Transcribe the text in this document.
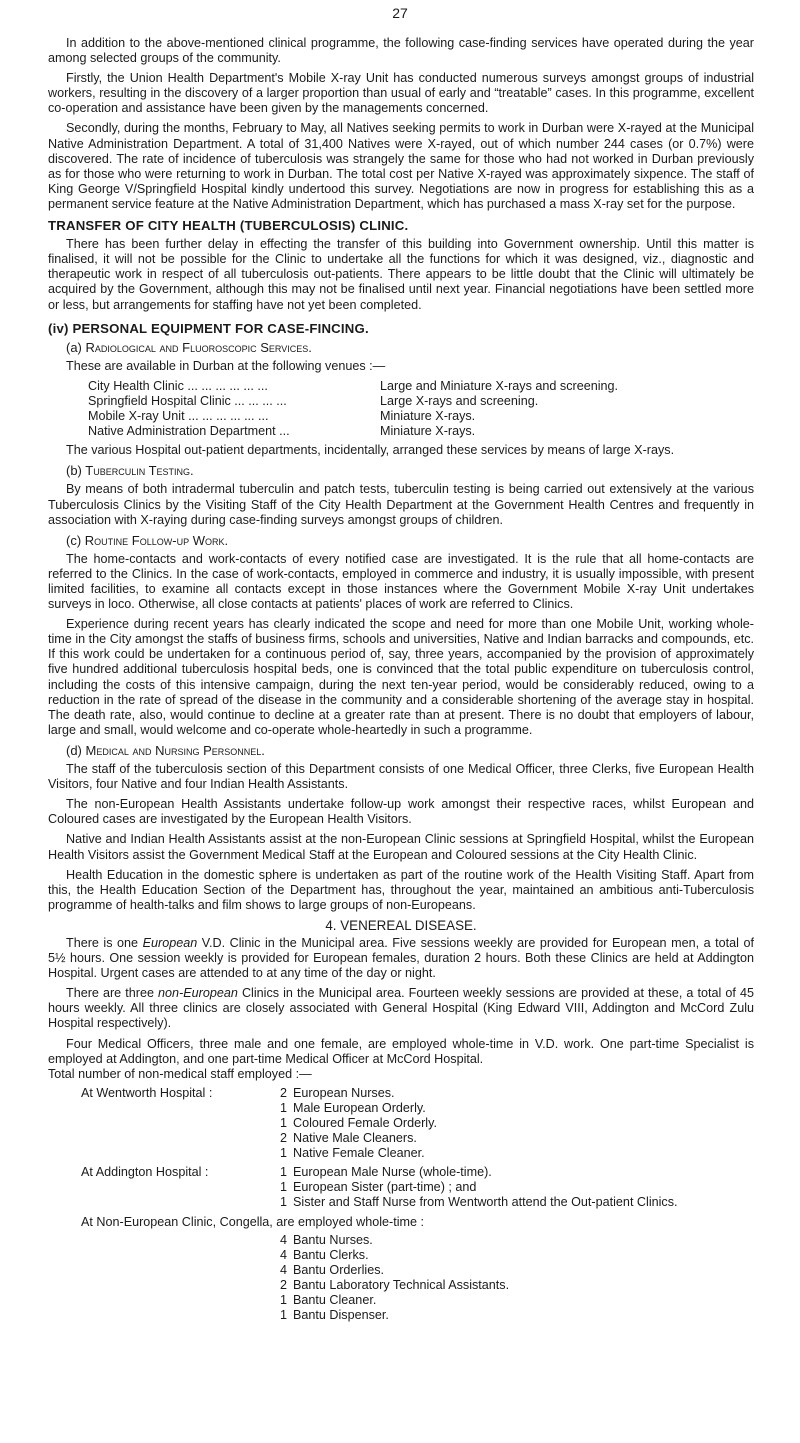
27

In addition to the above-mentioned clinical programme, the following case-finding services have operated during the year among selected groups of the community.

Firstly, the Union Health Department's Mobile X-ray Unit has conducted numerous surveys amongst groups of industrial workers, resulting in the discovery of a larger proportion than usual of early and “treatable” cases. In this programme, excellent co-operation and assistance have been given by the managements concerned.

Secondly, during the months, February to May, all Natives seeking permits to work in Durban were X-rayed at the Municipal Native Administration Department. A total of 31,400 Natives were X-rayed, out of which number 244 cases (or 0.7%) were discovered. The rate of incidence of tuberculosis was strangely the same for those who had not worked in Durban previously as for those who were returning to work in Durban. The total cost per Native X-rayed was approximately sixpence. The staff of King George V/Springfield Hospital kindly undertood this survey. Negotiations are now in progress for establishing this as a permanent service feature at the Native Administration Department, which has purchased a mass X-ray set for the purpose.

TRANSFER OF CITY HEALTH (TUBERCULOSIS) CLINIC.

There has been further delay in effecting the transfer of this building into Government ownership. Until this matter is finalised, it will not be possible for the Clinic to undertake all the functions for which it was designed, viz., diagnostic and therapeutic work in respect of all tuberculosis out-patients. There appears to be little doubt that the Clinic will ultimately be acquired by the Government, although this may not be finalised until next year. Financial negotiations have been settled more or less, but arrangements for staffing have not yet been completed.

(iv) PERSONAL EQUIPMENT FOR CASE-FINCING.
(a) Radiological and Fluoroscopic Services.

These are available in Durban at the following venues :—

City Health Clinic ... ... ... ... ... ...	Large and Miniature X-rays and screening.
Springfield Hospital Clinic ... ... ... ...	Large X-rays and screening.
Mobile X-ray Unit ... ... ... ... ... ...	Miniature X-rays.
Native Administration Department ...	Miniature X-rays.

The various Hospital out-patient departments, incidentally, arranged these services by means of large X-rays.

(b) Tuberculin Testing.

By means of both intradermal tuberculin and patch tests, tuberculin testing is being carried out extensively at the various Tuberculosis Clinics by the Visiting Staff of the City Health Department at the Government Health Centres and frequently in association with X-raying during case-finding surveys amongst groups of children.

(c) Routine Follow-up Work.

The home-contacts and work-contacts of every notified case are investigated. It is the rule that all home-contacts are referred to the Clinics. In the case of work-contacts, employed in commerce and industry, it is usually impossible, with present limited facilities, to examine all contacts except in those instances where the Government Mobile X-ray Unit undertakes surveys in loco. Otherwise, all close contacts at patients' places of work are referred to Clinics.

Experience during recent years has clearly indicated the scope and need for more than one Mobile Unit, working whole-time in the City amongst the staffs of business firms, schools and universities, Native and Indian barracks and compounds, etc. If this work could be undertaken for a continuous period of, say, three years, accompanied by the provision of approximately five hundred additional tuberculosis hospital beds, one is convinced that the total public expenditure on tuberculosis control, including the costs of this intensive campaign, during the next ten-year period, would be considerably reduced, owing to a reduction in the rate of spread of the disease in the community and a considerable shortening of the average stay in hospital. The death rate, also, would continue to decline at a greater rate than at present. There is no doubt that employers of labour, large and small, would welcome and co-operate whole-heartedly in such a programme.

(d) Medical and Nursing Personnel.

The staff of the tuberculosis section of this Department consists of one Medical Officer, three Clerks, five European Health Visitors, four Native and four Indian Health Assistants.

The non-European Health Assistants undertake follow-up work amongst their respective races, whilst European and Coloured cases are investigated by the European Health Visitors.

Native and Indian Health Assistants assist at the non-European Clinic sessions at Springfield Hospital, whilst the European Health Visitors assist the Government Medical Staff at the European and Coloured sessions at the City Health Clinic.

Health Education in the domestic sphere is undertaken as part of the routine work of the Health Visiting Staff. Apart from this, the Health Education Section of the Department has, throughout the year, maintained an ambitious anti-Tuberculosis programme of health-talks and film shows to large groups of non-Europeans.

4. VENEREAL DISEASE.

There is one European V.D. Clinic in the Municipal area. Five sessions weekly are provided for European men, a total of 5½ hours. One session weekly is provided for European females, duration 2 hours. Both these Clinics are held at Addington Hospital. Urgent cases are attended to at any time of the day or night.

There are three non-European Clinics in the Municipal area. Fourteen weekly sessions are provided at these, a total of 45 hours weekly. All three clinics are closely associated with General Hospital (King Edward VIII, Addington and McCord Zulu Hospital respectively).

Four Medical Officers, three male and one female, are employed whole-time in V.D. work. One part-time Specialist is employed at Addington, and one part-time Medical Officer at McCord Hospital.

Total number of non-medical staff employed :—

At Wentworth Hospital :	2 European Nurses.
1 Male European Orderly.
1 Coloured Female Orderly.
2 Native Male Cleaners.
1 Native Female Cleaner.
At Addington Hospital :	1 European Male Nurse (whole-time).
1 European Sister (part-time) ; and
1 Sister and Staff Nurse from Wentworth attend the Out-patient Clinics.
At Non-European Clinic, Congella, are employed whole-time :
4 Bantu Nurses.
4 Bantu Clerks.
4 Bantu Orderlies.
2 Bantu Laboratory Technical Assistants.
1 Bantu Cleaner.
1 Bantu Dispenser.
